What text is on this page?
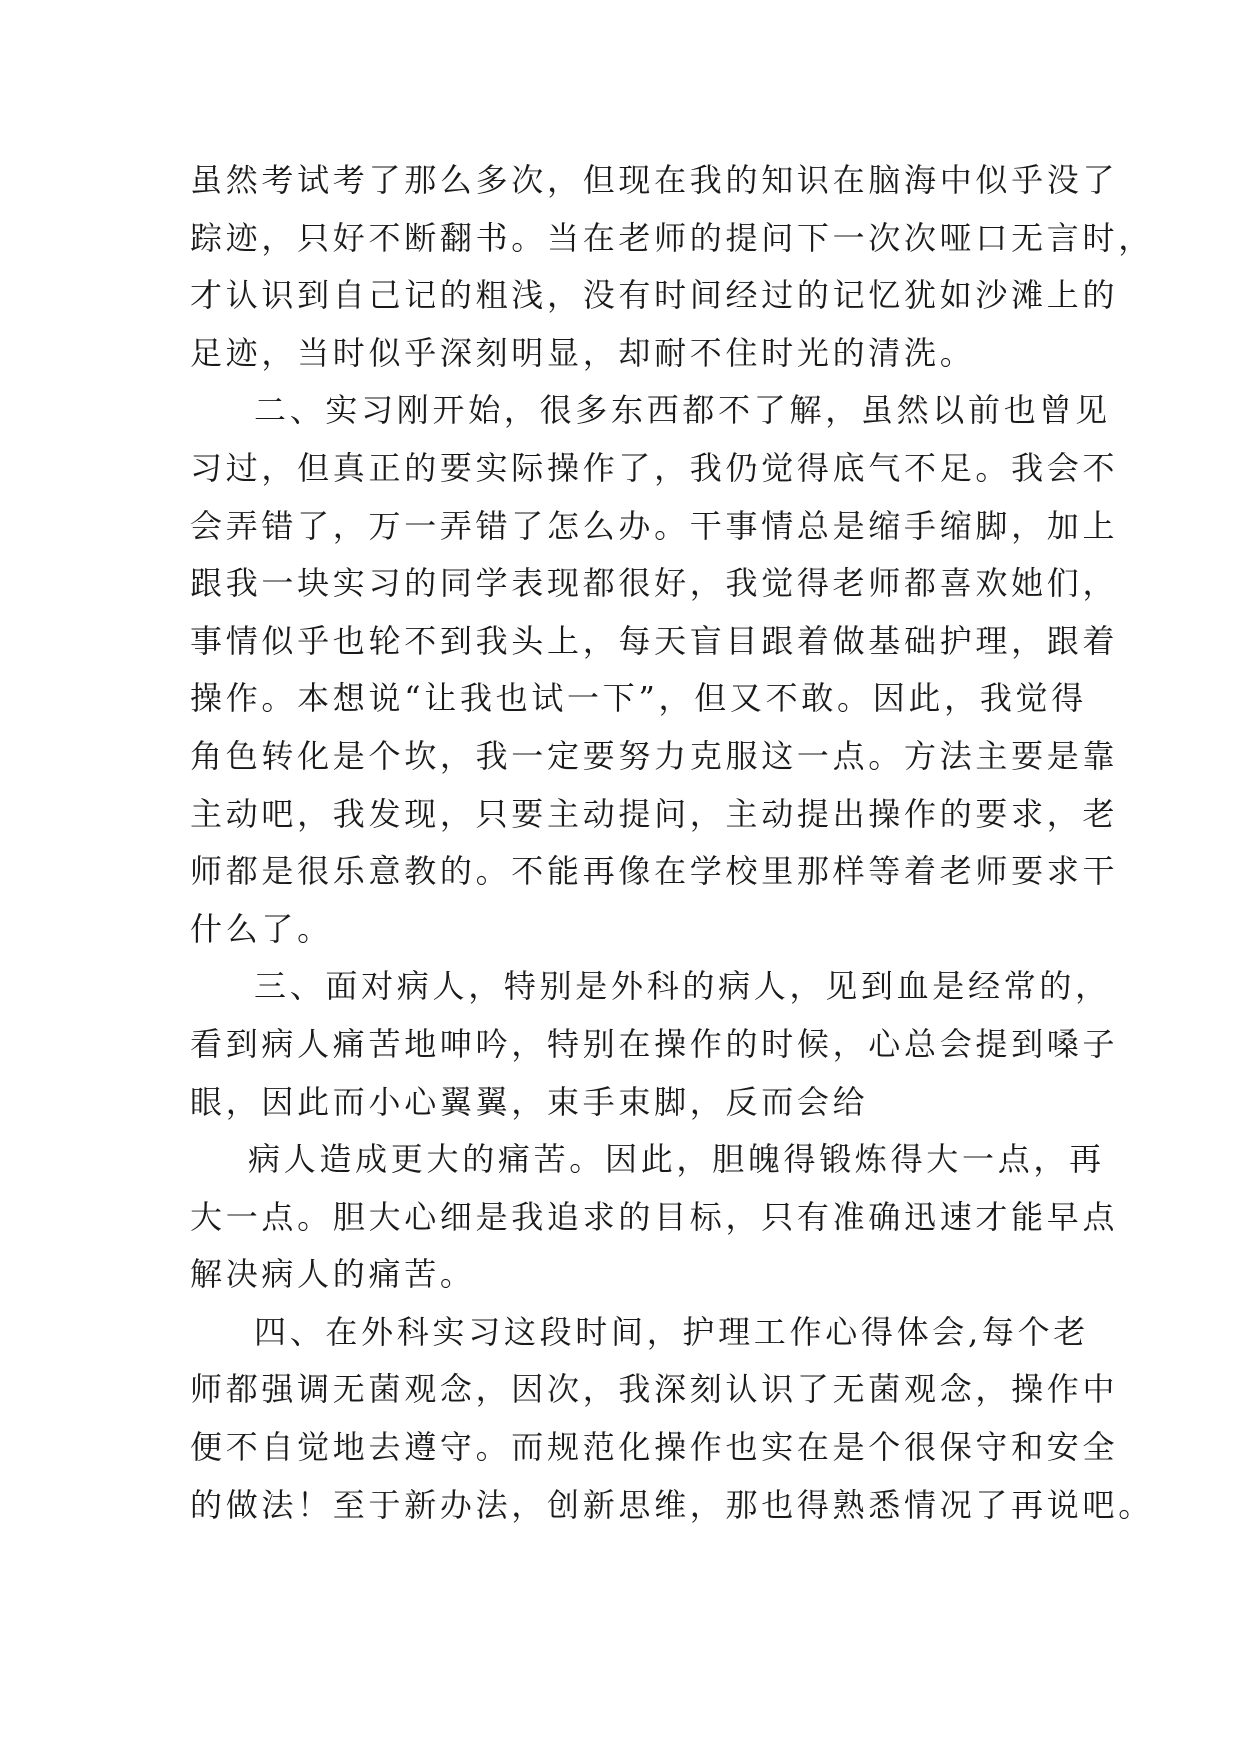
虽然考试考了那么多次，但现在我的知识在脑海中似乎没了
踪迹，只好不断翻书。当在老师的提问下一次次哑口无言时，
才认识到自己记的粗浅，没有时间经过的记忆犹如沙滩上的
足迹，当时似乎深刻明显，却耐不住时光的清洗。
二、实习刚开始，很多东西都不了解，虽然以前也曾见
习过，但真正的要实际操作了，我仍觉得底气不足。我会不
会弄错了，万一弄错了怎么办。干事情总是缩手缩脚，加上
跟我一块实习的同学表现都很好，我觉得老师都喜欢她们，
事情似乎也轮不到我头上，每天盲目跟着做基础护理，跟着
操作。本想说“让我也试一下”，但又不敢。因此，我觉得
角色转化是个坎，我一定要努力克服这一点。方法主要是靠
主动吧，我发现，只要主动提问，主动提出操作的要求，老
师都是很乐意教的。不能再像在学校里那样等着老师要求干
什么了。
三、面对病人，特别是外科的病人，见到血是经常的，
看到病人痛苦地呻吟，特别在操作的时候，心总会提到嗓子
眼，因此而小心翼翼，束手束脚，反而会给
病人造成更大的痛苦。因此，胆魄得锻炼得大一点，再
大一点。胆大心细是我追求的目标，只有准确迅速才能早点
解决病人的痛苦。
四、在外科实习这段时间，护理工作心得体会,每个老
师都强调无菌观念，因次，我深刻认识了无菌观念，操作中
便不自觉地去遵守。而规范化操作也实在是个很保守和安全
的做法！至于新办法，创新思维，那也得熟悉情况了再说吧。
